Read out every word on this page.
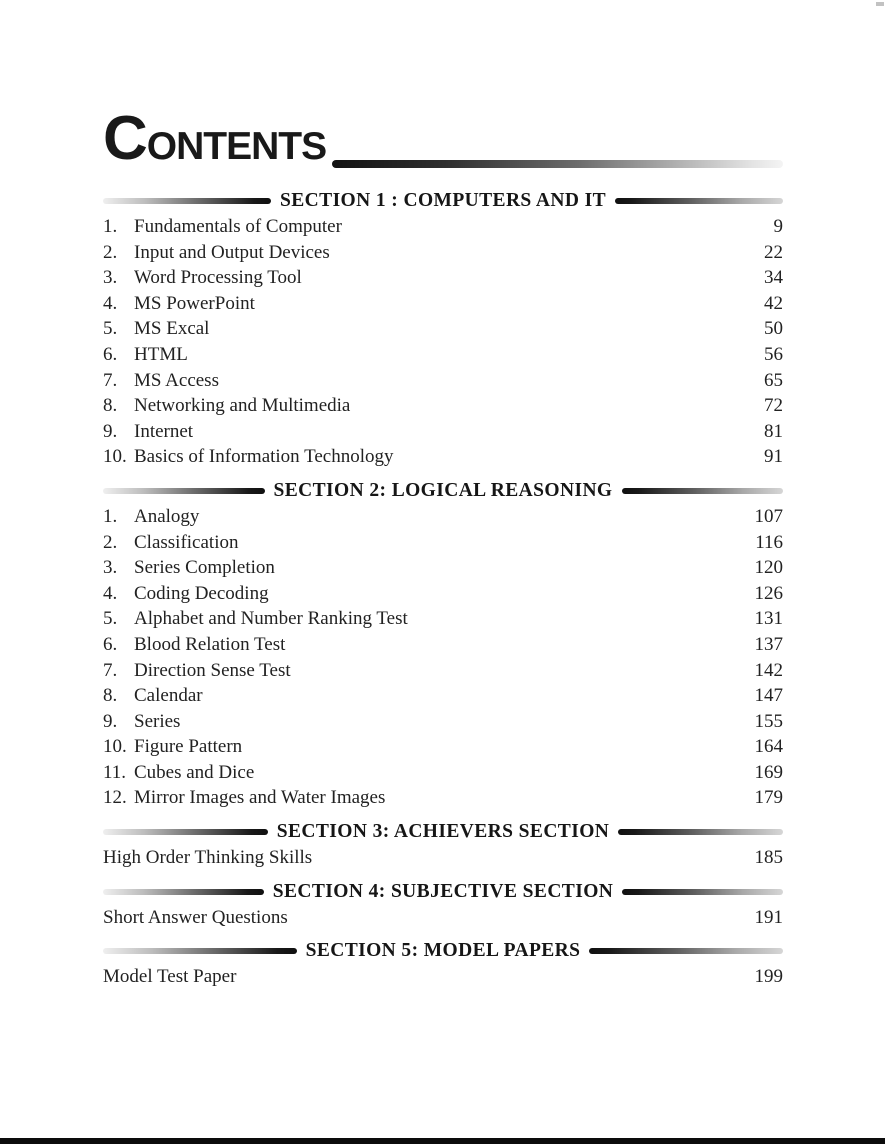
CONTENTS
SECTION 1 : COMPUTERS AND IT
1. Fundamentals of Computer	9
2. Input and Output Devices	22
3. Word Processing Tool	34
4. MS PowerPoint	42
5. MS Excal	50
6. HTML	56
7. MS Access	65
8. Networking and Multimedia	72
9. Internet	81
10. Basics of Information Technology	91
SECTION 2: LOGICAL REASONING
1. Analogy	107
2. Classification	116
3. Series Completion	120
4. Coding Decoding	126
5. Alphabet and Number Ranking Test	131
6. Blood Relation Test	137
7. Direction Sense Test	142
8. Calendar	147
9. Series	155
10. Figure Pattern	164
11. Cubes and Dice	169
12. Mirror Images and Water Images	179
SECTION 3: ACHIEVERS SECTION
High Order Thinking Skills	185
SECTION 4: SUBJECTIVE SECTION
Short Answer Questions	191
SECTION 5: MODEL PAPERS
Model Test Paper	199
